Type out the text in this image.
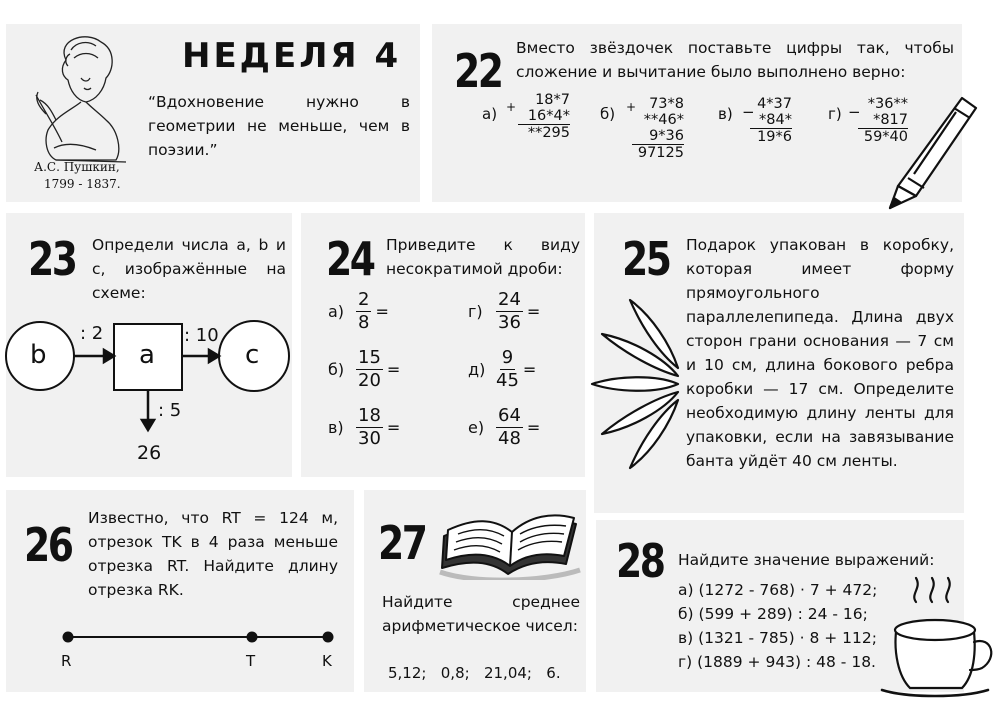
А.С. Пушкин,
1799 - 1837.
НЕДЕЛЯ 4
“Вдохновение нужно в геометрии не меньше, чем в поэзии.”
22 Вместо звёздочек поставьте цифры так, чтобы сложение и вычитание было выполнено верно:
а) +	18*7
16*4*
**295
б) + 73*8
**46*
9*36
97125
в) − 4*37
*84*
19*6
г) − *36**
*817
59*40
23 Определи числа a, b и c, изображённые на схеме:
b	a	c
: 2	: 10
: 5
26
24 Приведите к виду несократимой дроби:
$а) \frac{2}{8}$ =
$б) \frac{15}{20}$ =
$в) \frac{18}{30}$ =
$г) \frac{24}{36}$ =
$д) \frac{9}{45}$ =
$е) \frac{64}{48}$ =
25 Подарок упакован в коробку, которая имеет форму прямоугольного параллелепипеда. Длина двух сторон грани основания — 7 см и 10 см, длина бокового ребра коробки — 17 см. Определите необходимую длину ленты для упаковки, если на завязывание банта уйдёт 40 см ленты.
26 Известно, что RT = 124 м, отрезок TK в 4 раза меньше отрезка RT. Найдите длину отрезка RK.
R	T	K
27
Найдите среднее арифметическое чисел:
5,12;   0,8;   21,04;   6.
28 Найдите значение выражений:
а) (1272 - 768) · 7 + 472;
б) (599 + 289) : 24 - 16;
в) (1321 - 785) · 8 + 112;
г) (1889 + 943) : 48 - 18.
